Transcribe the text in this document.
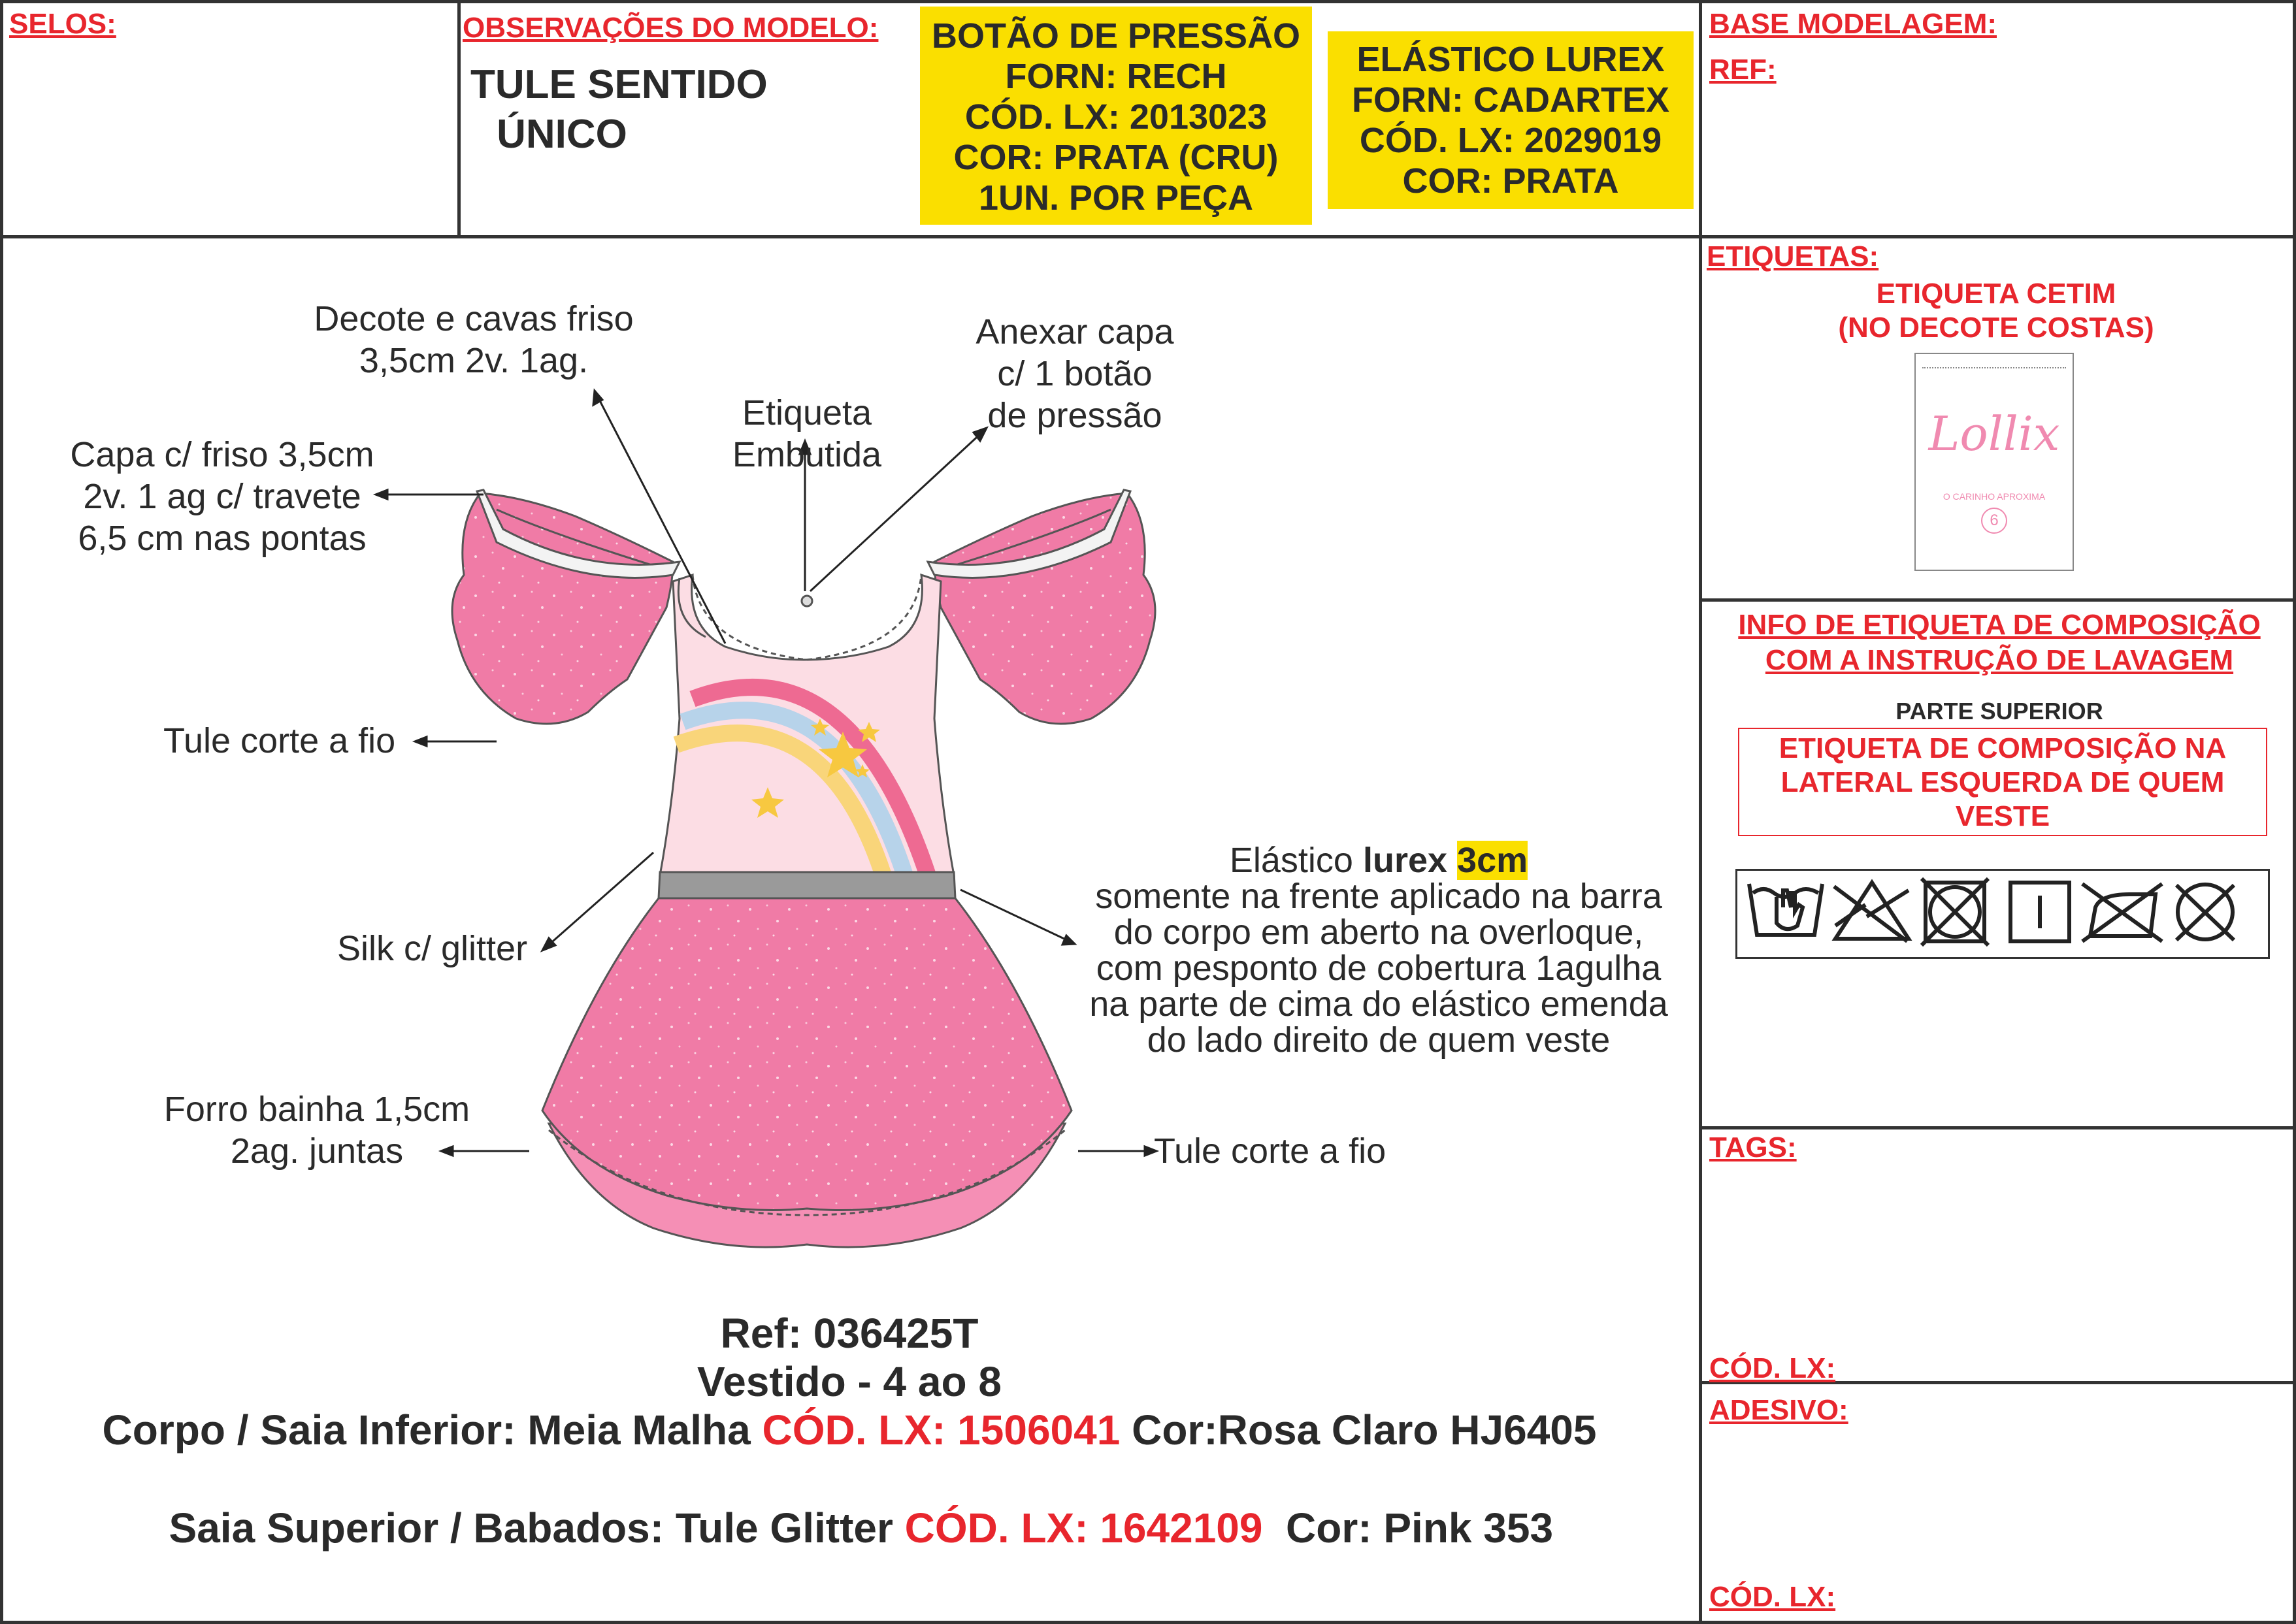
SELOS:	OBSERVAÇÕES DO MODELO:
TULE SENTIDO
ÚNICO
BOTÃO DE PRESSÃO
FORN: RECH
CÓD. LX: 2013023
COR: PRATA (CRU)
1UN. POR PEÇA
ELÁSTICO LUREX
FORN: CADARTEX
CÓD. LX: 2029019
COR: PRATA
BASE MODELAGEM:
REF:
ETIQUETAS:
ETIQUETA CETIM
(NO DECOTE COSTAS)
Lollix
O CARINHO APROXIMA
6
INFO DE ETIQUETA DE COMPOSIÇÃO
COM A INSTRUÇÃO DE LAVAGEM
PARTE SUPERIOR
ETIQUETA DE COMPOSIÇÃO NA
LATERAL ESQUERDA DE QUEM
VESTE
TAGS:
CÓD. LX:
ADESIVO:
CÓD. LX:
Decote e cavas friso
3,5cm 2v. 1ag.
Anexar capa
c/ 1 botão
de pressão
Etiqueta
Embutida
Capa c/ friso 3,5cm
2v. 1 ag c/ travete
6,5 cm nas pontas
Tule corte a fio
Silk c/ glitter
Elástico lurex 3cm
somente na frente aplicado na barra
do corpo em aberto na overloque,
com pesponto de cobertura 1agulha
na parte de cima do elástico emenda
do lado direito de quem veste
Forro bainha 1,5cm
2ag. juntas	Tule corte a fio
Ref: 036425T
Vestido - 4 ao 8
Corpo / Saia Inferior: Meia Malha CÓD. LX: 1506041 Cor:Rosa Claro HJ6405

Saia Superior / Babados: Tule Glitter CÓD. LX: 1642109  Cor: Pink 353
